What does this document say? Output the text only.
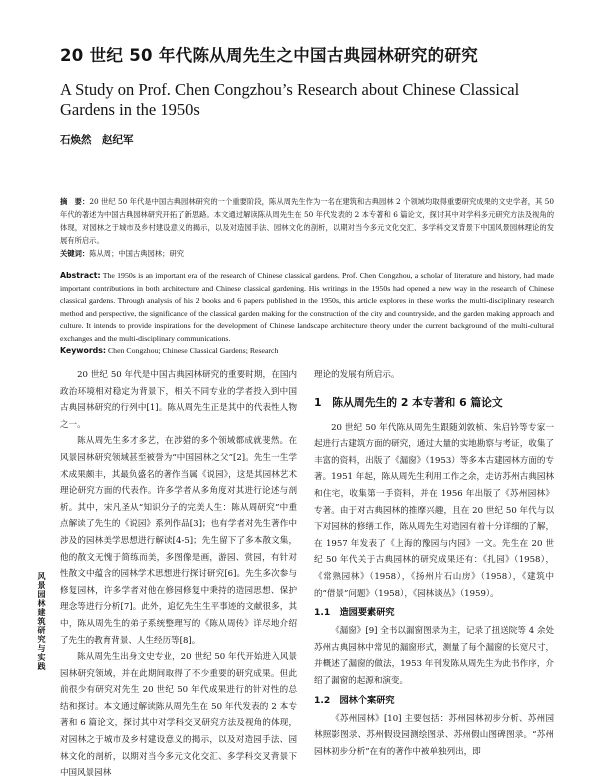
20 世纪 50 年代陈从周先生之中国古典园林研究的研究
A Study on Prof. Chen Congzhou’s Research about Chinese Classical Gardens in the 1950s
石焕然　赵纪军
摘　要：20 世纪 50 年代是中国古典园林研究的一个重要阶段，陈从周先生作为一名在建筑和古典园林 2 个领域均取得重要研究成果的文史学者，其 50 年代的著述为中国古典园林研究开拓了新思路。本文通过解读陈从周先生在 50 年代发表的 2 本专著和 6 篇论文，探讨其中对学科多元研究方法及视角的体现，对园林之于城市及乡村建设意义的揭示，以及对造园手法、园林文化的剖析，以期对当今多元文化交汇、多学科交叉背景下中国风景园林理论的发展有所启示。
关键词：陈从周；中国古典园林；研究
Abstract: The 1950s is an important era of the research of Chinese classical gardens. Prof. Chen Congzhou, a scholar of literature and history, had made important contributions in both architecture and Chinese classical gardening. His writings in the 1950s had opened a new way in the research of Chinese classical gardens. Through analysis of his 2 books and 6 papers published in the 1950s, this article explores in these works the multi-disciplinary research method and perspective, the significance of the classical garden making for the construction of the city and countryside, and the garden making approach and culture. It intends to provide inspirations for the development of Chinese landscape architecture theory under the current background of the multi-cultural exchanges and the multi-disciplinary communications.
Keywords: Chen Congzhou; Chinese Classical Gardens; Research

20 世纪 50 年代是中国古典园林研究的重要时期，在国内政治环境相对稳定为背景下，相关不同专业的学者投入到中国古典园林研究的行列中[1]。陈从周先生正是其中的代表性人物之一。

陈从周先生多才多艺，在涉猎的多个领域都成就斐然。在风景园林研究领域甚至被誉为“中国园林之父”[2]。先生一生学术成果颇丰，其最负盛名的著作当属《说园》，这是其园林艺术理论研究方面的代表作。许多学者从多角度对其进行论述与剖析。其中，宋凡圣从“知识分子的完美人生：陈从周研究”中重点解读了先生的《说园》系列作品[3]；也有学者对先生著作中涉及的园林美学思想进行解读[4-5]；先生留下了多本散文集，他的散文无愧于简练而美，多图像是画，游园、赏园，有针对性散文中蕴含的园林学术思想进行探讨研究[6]。先生多次参与修复园林，许多学者对他在修园修复中秉持的造园思想、保护理念等进行分析[7]。此外，追忆先生生平事迹的文献很多，其中，陈从周先生的弟子系统整理写的《陈从周传》详尽地介绍了先生的教育背景、人生经历等[8]。

陈从周先生出身文史专业，20 世纪 50 年代开始进入风景园林研究领域，并在此期间取得了不少重要的研究成果。但此前很少有研究对先生 20 世纪 50 年代成果进行的针对性的总结和探讨。本文通过解读陈从周先生在 50 年代发表的 2 本专著和 6 篇论文，探讨其中对学科交叉研究方法及视角的体现，对园林之于城市及乡村建设意义的揭示，以及对造园手法、园林文化的剖析，以期对当今多元文化交汇、多学科交叉背景下中国风景园林

理论的发展有所启示。

1　陈从周先生的 2 本专著和 6 篇论文

20 世纪 50 年代陈从周先生跟随刘敦桢、朱启钤等专家一起进行古建筑方面的研究，通过大量的实地勘察与考证，收集了丰富的资料，出版了《漏窗》（1953）等多本古建园林方面的专著。1951 年起，陈从周先生利用工作之余，走访苏州古典园林和住宅，收集第一手资料，并在 1956 年出版了《苏州园林》专著。由于对古典园林的推摩兴趣，且在 20 世纪 50 年代与以下对园林的修缮工作，陈从周先生对造园有着十分详细的了解，在 1957 年发表了《上海的豫园与内园》一文。先生在 20 世纪 50 年代关于古典园林的研究成果还有：《扎园》（1958），《常熟园林》（1958），《扬州片石山房》（1958），《建筑中的“借景”问题》（1958），《园林谈丛》（1959）。

1.1　造园要素研究

《漏窗》[9] 全书以漏窗图录为主，记录了扭送院等 4 余处苏州古典园林中常见的漏窗形式，测量了每个漏窗的长宽尺寸，并概述了漏窗的做法，1953 年刊发陈从周先生为此书作序，介绍了漏窗的起源和演变。

1.2　园林个案研究

《苏州园林》[10] 主要包括：苏州园林初步分析、苏州园林照影图录、苏州假设园测绘图录、苏州假山图碑图录。“苏州园林初步分析”在有的著作中被单独列出，即

风景园林建筑研究与实践
